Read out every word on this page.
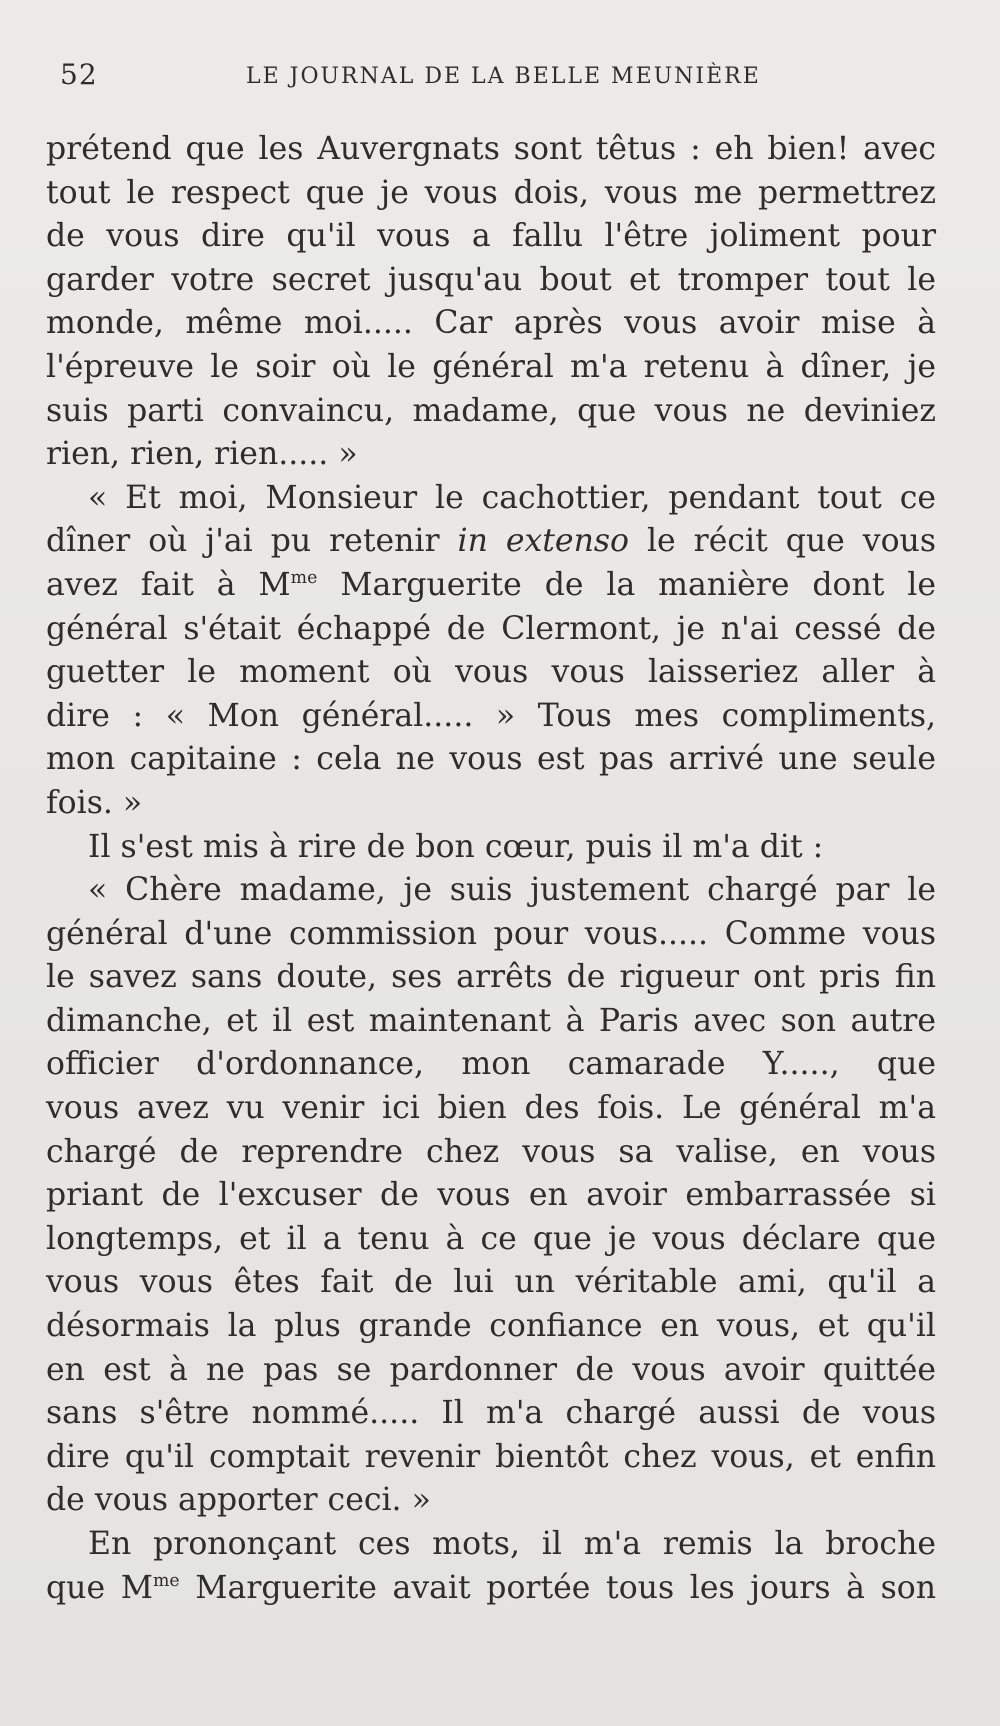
52	LE JOURNAL DE LA BELLE MEUNIÈRE
prétend que les Auvergnats sont têtus : eh bien! avec
tout le respect que je vous dois, vous me permettrez
de vous dire qu'il vous a fallu l'être joliment pour
garder votre secret jusqu'au bout et tromper tout le
monde, même moi..... Car après vous avoir mise à
l'épreuve le soir où le général m'a retenu à dîner, je
suis parti convaincu, madame, que vous ne deviniez
rien, rien, rien..... »
« Et moi, Monsieur le cachottier, pendant tout ce
dîner où j'ai pu retenir in extenso le récit que vous
avez fait à $M^{me}$ Marguerite de la manière dont le
général s'était échappé de Clermont, je n'ai cessé de
guetter le moment où vous vous laisseriez aller à
dire : « Mon général..... » Tous mes compliments,
mon capitaine : cela ne vous est pas arrivé une seule
fois. »
Il s'est mis à rire de bon cœur, puis il m'a dit :
« Chère madame, je suis justement chargé par le
général d'une commission pour vous..... Comme vous
le savez sans doute, ses arrêts de rigueur ont pris fin
dimanche, et il est maintenant à Paris avec son autre
officier d'ordonnance, mon camarade Y....., que
vous avez vu venir ici bien des fois. Le général m'a
chargé de reprendre chez vous sa valise, en vous
priant de l'excuser de vous en avoir embarrassée si
longtemps, et il a tenu à ce que je vous déclare que
vous vous êtes fait de lui un véritable ami, qu'il a
désormais la plus grande confiance en vous, et qu'il
en est à ne pas se pardonner de vous avoir quittée
sans s'être nommé..... Il m'a chargé aussi de vous
dire qu'il comptait revenir bientôt chez vous, et enfin
de vous apporter ceci. »
En prononçant ces mots, il m'a remis la broche
que $M^{me}$ Marguerite avait portée tous les jours à son
